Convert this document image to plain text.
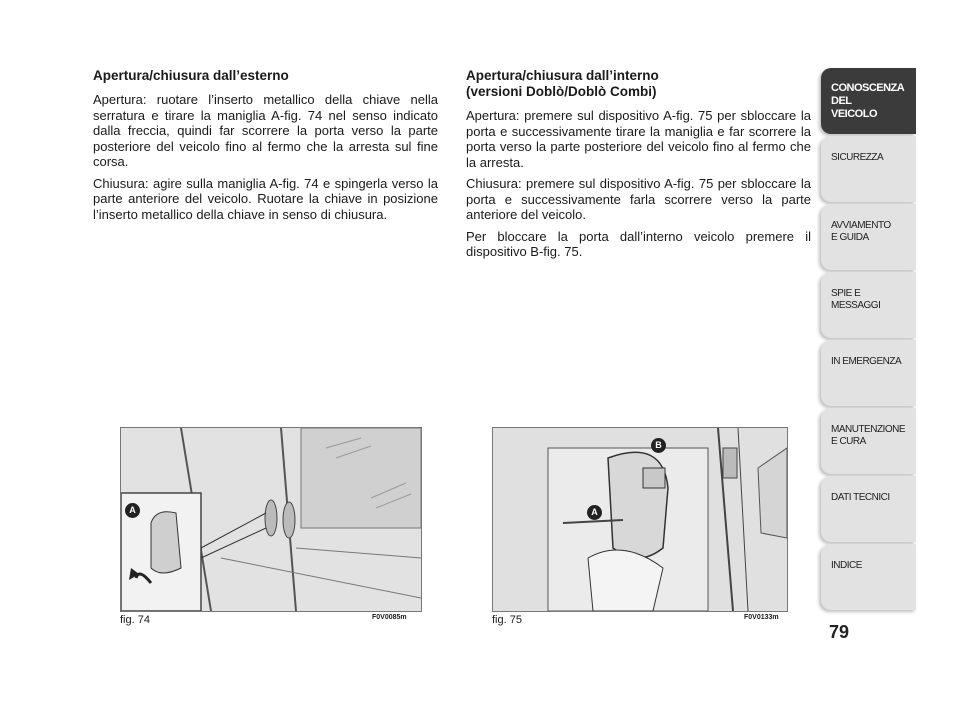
Apertura/chiusura dall’esterno

Apertura: ruotare l’inserto metallico della chiave nella serratura e tirare la maniglia A-fig. 74 nel senso indicato dalla freccia, quindi far scorrere la porta verso la parte posteriore del veicolo fino al fermo che la arresta sul fine corsa.

Chiusura: agire sulla maniglia A-fig. 74 e spingerla verso la parte anteriore del veicolo. Ruotare la chiave in posizione l’inserto metallico della chiave in senso di chiusura.

Apertura/chiusura dall’interno
(versioni Doblò/Doblò Combi)

Apertura: premere sul dispositivo A-fig. 75 per sbloccare la porta e successivamente tirare la maniglia e far scorrere la porta verso la parte posteriore del veicolo fino al fermo che la arresta.

Chiusura: premere sul dispositivo A-fig. 75 per sbloccare la porta e successivamente farla scorrere verso la parte anteriore del veicolo.

Per bloccare la porta dall’interno veicolo premere il dispositivo B-fig. 75.

A
fig. 74	F0V0085m
B
A
fig. 75	F0V0133m
CONOSCENZA
DEL
VEICOLO
SICUREZZA
AVVIAMENTO
E GUIDA
SPIE E
MESSAGGI
IN EMERGENZA
MANUTENZIONE
E CURA
DATI TECNICI
INDICE
79
